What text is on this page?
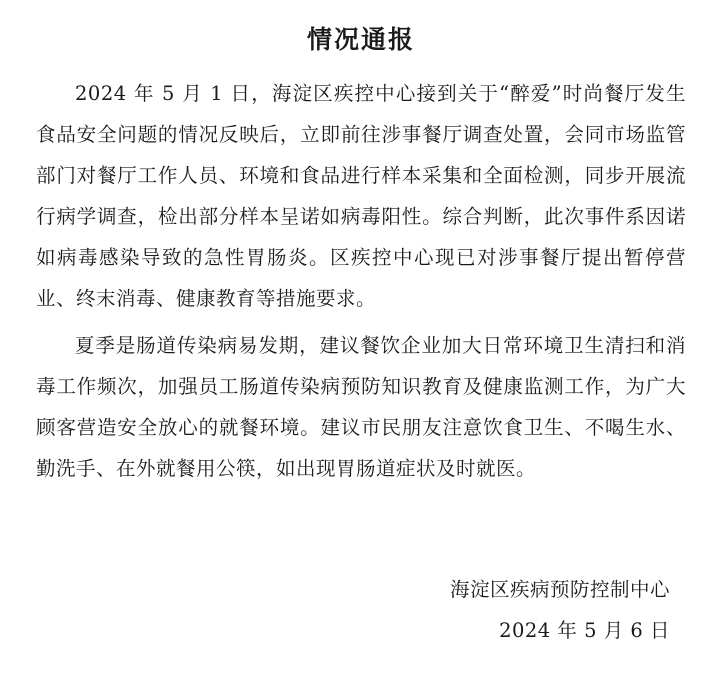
情况通报

2024 年 5 月 1 日，海淀区疾控中心接到关于“醉爱”时尚餐厅发生食品安全问题的情况反映后，立即前往涉事餐厅调查处置，会同市场监管部门对餐厅工作人员、环境和食品进行样本采集和全面检测，同步开展流行病学调查，检出部分样本呈诺如病毒阳性。综合判断，此次事件系因诺如病毒感染导致的急性胃肠炎。区疾控中心现已对涉事餐厅提出暂停营业、终末消毒、健康教育等措施要求。

夏季是肠道传染病易发期，建议餐饮企业加大日常环境卫生清扫和消毒工作频次，加强员工肠道传染病预防知识教育及健康监测工作，为广大顾客营造安全放心的就餐环境。建议市民朋友注意饮食卫生、不喝生水、勤洗手、在外就餐用公筷，如出现胃肠道症状及时就医。

海淀区疾病预防控制中心
2024 年 5 月 6 日
